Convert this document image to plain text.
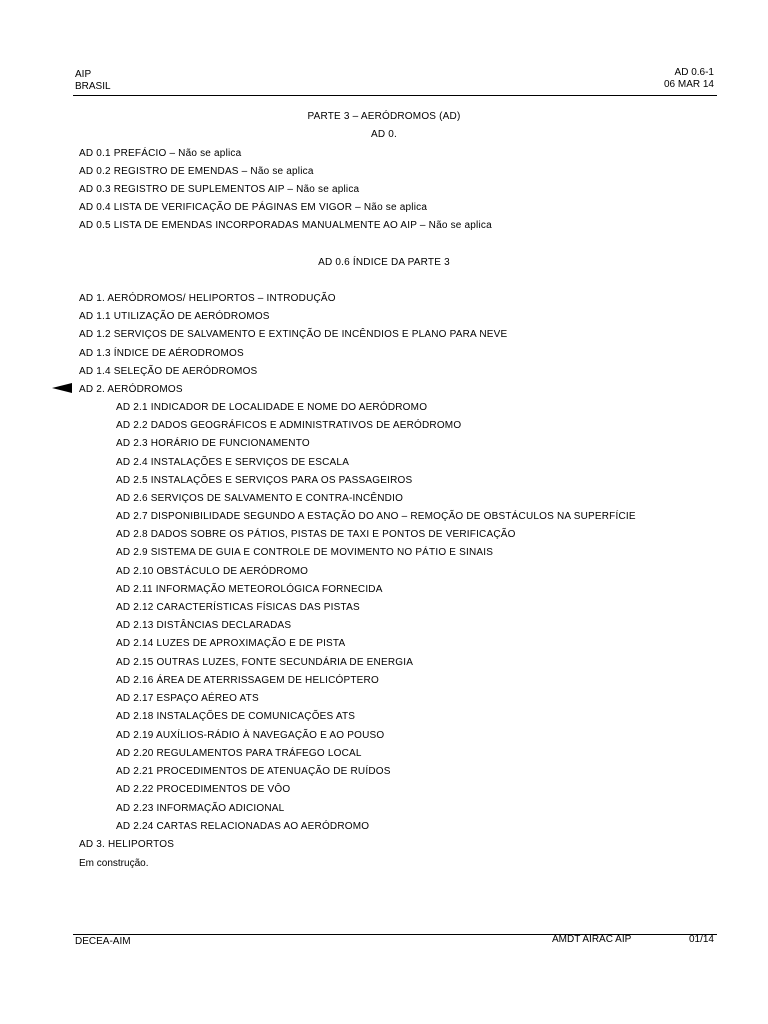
AIP
BRASIL
AD 0.6-1
06 MAR 14
PARTE 3 – AERÓDROMOS (AD)
AD 0.
AD 0.1 PREFÁCIO – Não se aplica
AD 0.2 REGISTRO DE EMENDAS – Não se aplica
AD 0.3 REGISTRO DE SUPLEMENTOS AIP – Não se aplica
AD 0.4 LISTA DE VERIFICAÇÃO DE PÁGINAS EM VIGOR – Não se aplica
AD 0.5 LISTA DE EMENDAS INCORPORADAS MANUALMENTE AO AIP – Não se aplica
AD 0.6 ÍNDICE DA PARTE 3
AD 1. AERÓDROMOS/ HELIPORTOS – INTRODUÇÃO
AD 1.1 UTILIZAÇÃO DE AERÓDROMOS
AD 1.2 SERVIÇOS DE SALVAMENTO E EXTINÇÃO DE INCÊNDIOS E PLANO PARA NEVE
AD 1.3 ÍNDICE DE AÉRODROMOS
AD 1.4 SELEÇÃO DE AERÓDROMOS
AD 2. AERÓDROMOS
AD 2.1 INDICADOR DE LOCALIDADE E NOME DO AERÓDROMO
AD 2.2 DADOS GEOGRÁFICOS E ADMINISTRATIVOS DE AERÓDROMO
AD 2.3 HORÁRIO DE FUNCIONAMENTO
AD 2.4 INSTALAÇÕES E SERVIÇOS DE ESCALA
AD 2.5 INSTALAÇÕES E SERVIÇOS PARA OS PASSAGEIROS
AD 2.6 SERVIÇOS DE SALVAMENTO E CONTRA-INCÊNDIO
AD 2.7 DISPONIBILIDADE SEGUNDO A ESTAÇÃO DO ANO – REMOÇÃO DE OBSTÁCULOS NA SUPERFÍCIE
AD 2.8 DADOS SOBRE OS PÁTIOS, PISTAS DE TAXI E PONTOS DE VERIFICAÇÃO
AD 2.9 SISTEMA DE GUIA E CONTROLE DE MOVIMENTO NO PÁTIO E SINAIS
AD 2.10 OBSTÁCULO DE AERÓDROMO
AD 2.11 INFORMAÇÃO METEOROLÓGICA FORNECIDA
AD 2.12 CARACTERÍSTICAS FÍSICAS DAS PISTAS
AD 2.13 DISTÂNCIAS DECLARADAS
AD 2.14 LUZES DE APROXIMAÇÃO E DE PISTA
AD 2.15 OUTRAS LUZES, FONTE SECUNDÁRIA DE ENERGIA
AD 2.16 ÁREA DE ATERRISSAGEM DE HELICÓPTERO
AD 2.17 ESPAÇO AÉREO ATS
AD 2.18 INSTALAÇÕES DE COMUNICAÇÕES ATS
AD 2.19 AUXÍLIOS-RÁDIO À NAVEGAÇÃO E AO POUSO
AD 2.20 REGULAMENTOS PARA TRÁFEGO LOCAL
AD 2.21 PROCEDIMENTOS DE ATENUAÇÃO DE RUÍDOS
AD 2.22 PROCEDIMENTOS DE VÔO
AD 2.23 INFORMAÇÃO ADICIONAL
AD 2.24 CARTAS RELACIONADAS AO AERÓDROMO
AD 3. HELIPORTOS
Em construção.
DECEA-AIM	AMDT AIRAC AIP	01/14
